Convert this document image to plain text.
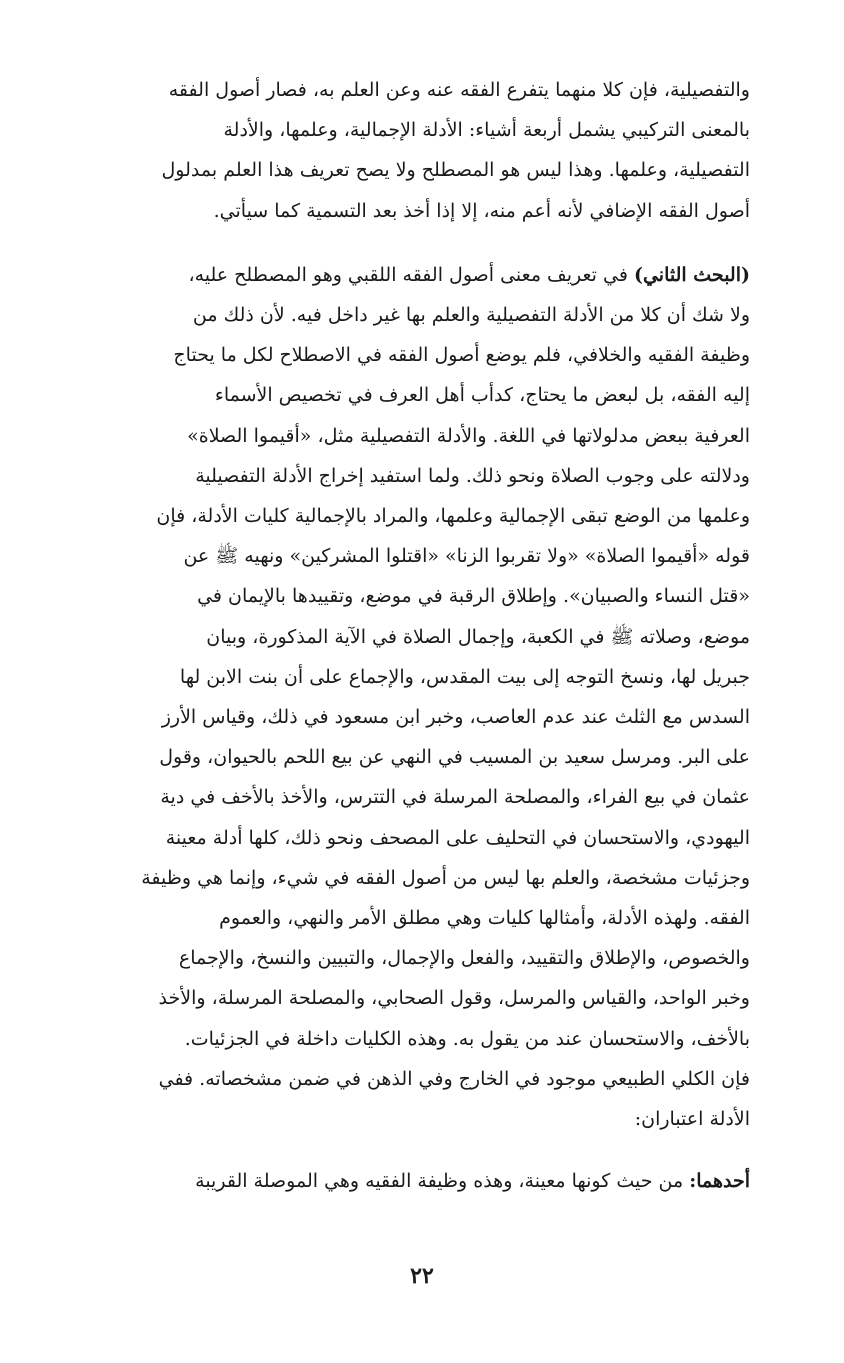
والتفصيلية، فإن كلا منهما يتفرع الفقه عنه وعن العلم به، فصار أصول الفقه
بالمعنى التركيبي يشمل أربعة أشياء: الأدلة الإجمالية، وعلمها، والأدلة
التفصيلية، وعلمها. وهذا ليس هو المصطلح ولا يصح تعريف هذا العلم بمدلول
أصول الفقه الإضافي لأنه أعم منه، إلا إذا أخذ بعد التسمية كما سيأتي.

(البحث الثاني) في تعريف معنى أصول الفقه اللقبي وهو المصطلح عليه،
ولا شك أن كلا من الأدلة التفصيلية والعلم بها غير داخل فيه. لأن ذلك من
وظيفة الفقيه والخلافي، فلم يوضع أصول الفقه في الاصطلاح لكل ما يحتاج
إليه الفقه، بل لبعض ما يحتاج، كدأب أهل العرف في تخصيص الأسماء
العرفية ببعض مدلولاتها في اللغة. والأدلة التفصيلية مثل، «أقيموا الصلاة»
ودلالته على وجوب الصلاة ونحو ذلك. ولما استفيد إخراج الأدلة التفصيلية
وعلمها من الوضع تبقى الإجمالية وعلمها، والمراد بالإجمالية كليات الأدلة، فإن
قوله «أقيموا الصلاة» «ولا تقربوا الزنا» «اقتلوا المشركين» ونهيه ﷺ عن
«قتل النساء والصبيان». وإطلاق الرقبة في موضع، وتقييدها بالإيمان في
موضع، وصلاته ﷺ في الكعبة، وإجمال الصلاة في الآية المذكورة، وبيان
جبريل لها، ونسخ التوجه إلى بيت المقدس، والإجماع على أن بنت الابن لها
السدس مع الثلث عند عدم العاصب، وخبر ابن مسعود في ذلك، وقياس الأرز
على البر. ومرسل سعيد بن المسيب في النهي عن بيع اللحم بالحيوان، وقول
عثمان في بيع الفراء، والمصلحة المرسلة في التترس، والأخذ بالأخف في دية
اليهودي، والاستحسان في التحليف على المصحف ونحو ذلك، كلها أدلة معينة
وجزئيات مشخصة، والعلم بها ليس من أصول الفقه في شيء، وإنما هي وظيفة
الفقه. ولهذه الأدلة، وأمثالها كليات وهي مطلق الأمر والنهي، والعموم
والخصوص، والإطلاق والتقييد، والفعل والإجمال، والتبيين والنسخ، والإجماع
وخبر الواحد، والقياس والمرسل، وقول الصحابي، والمصلحة المرسلة، والأخذ
بالأخف، والاستحسان عند من يقول به. وهذه الكليات داخلة في الجزئيات.
فإن الكلي الطبيعي موجود في الخارج وفي الذهن في ضمن مشخصاته. ففي
الأدلة اعتباران:

أحدهما: من حيث كونها معينة، وهذه وظيفة الفقيه وهي الموصلة القريبة

٢٢
